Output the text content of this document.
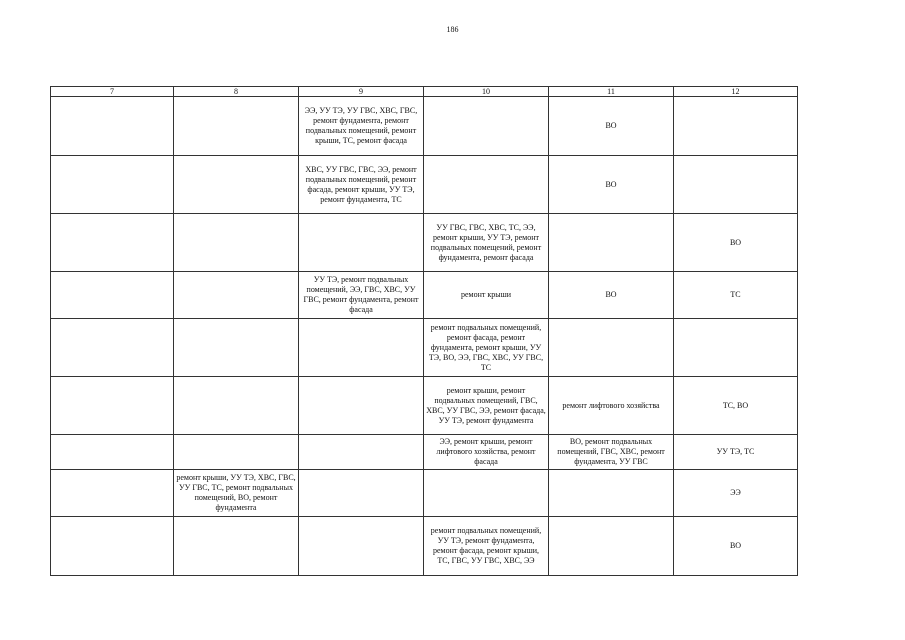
186
7	8	9	10	11	12
		ЭЭ, УУ ТЭ, УУ ГВС, ХВС, ГВС, ремонт фундамента, ремонт подвальных помещений, ремонт крыши, ТС, ремонт фасада		ВО	
		ХВС, УУ ГВС, ГВС, ЭЭ, ремонт подвальных помещений, ремонт фасада, ремонт крыши, УУ ТЭ, ремонт фундамента, ТС		ВО	
			УУ ГВС, ГВС, ХВС, ТС, ЭЭ, ремонт крыши, УУ ТЭ, ремонт подвальных помещений, ремонт фундамента, ремонт фасада		ВО
		УУ ТЭ, ремонт подвальных помещений, ЭЭ, ГВС, ХВС, УУ ГВС, ремонт фундамента, ремонт фасада	ремонт крыши	ВО	ТС
			ремонт подвальных помещений, ремонт фасада, ремонт фундамента, ремонт крыши, УУ ТЭ, ВО, ЭЭ, ГВС, ХВС, УУ ГВС, ТС		
			ремонт крыши, ремонт подвальных помещений, ГВС, ХВС, УУ ГВС, ЭЭ, ремонт фасада, УУ ТЭ, ремонт фундамента	ремонт лифтового хозяйства	ТС, ВО
			ЭЭ, ремонт крыши, ремонт лифтового хозяйства, ремонт фасада	ВО, ремонт подвальных помещений, ГВС, ХВС, ремонт фундамента, УУ ГВС	УУ ТЭ, ТС
	ремонт крыши, УУ ТЭ, ХВС, ГВС, УУ ГВС, ТС, ремонт подвальных помещений, ВО, ремонт фундамента				ЭЭ
			ремонт подвальных помещений, УУ ТЭ, ремонт фундамента, ремонт фасада, ремонт крыши, ТС, ГВС, УУ ГВС, ХВС, ЭЭ		ВО
